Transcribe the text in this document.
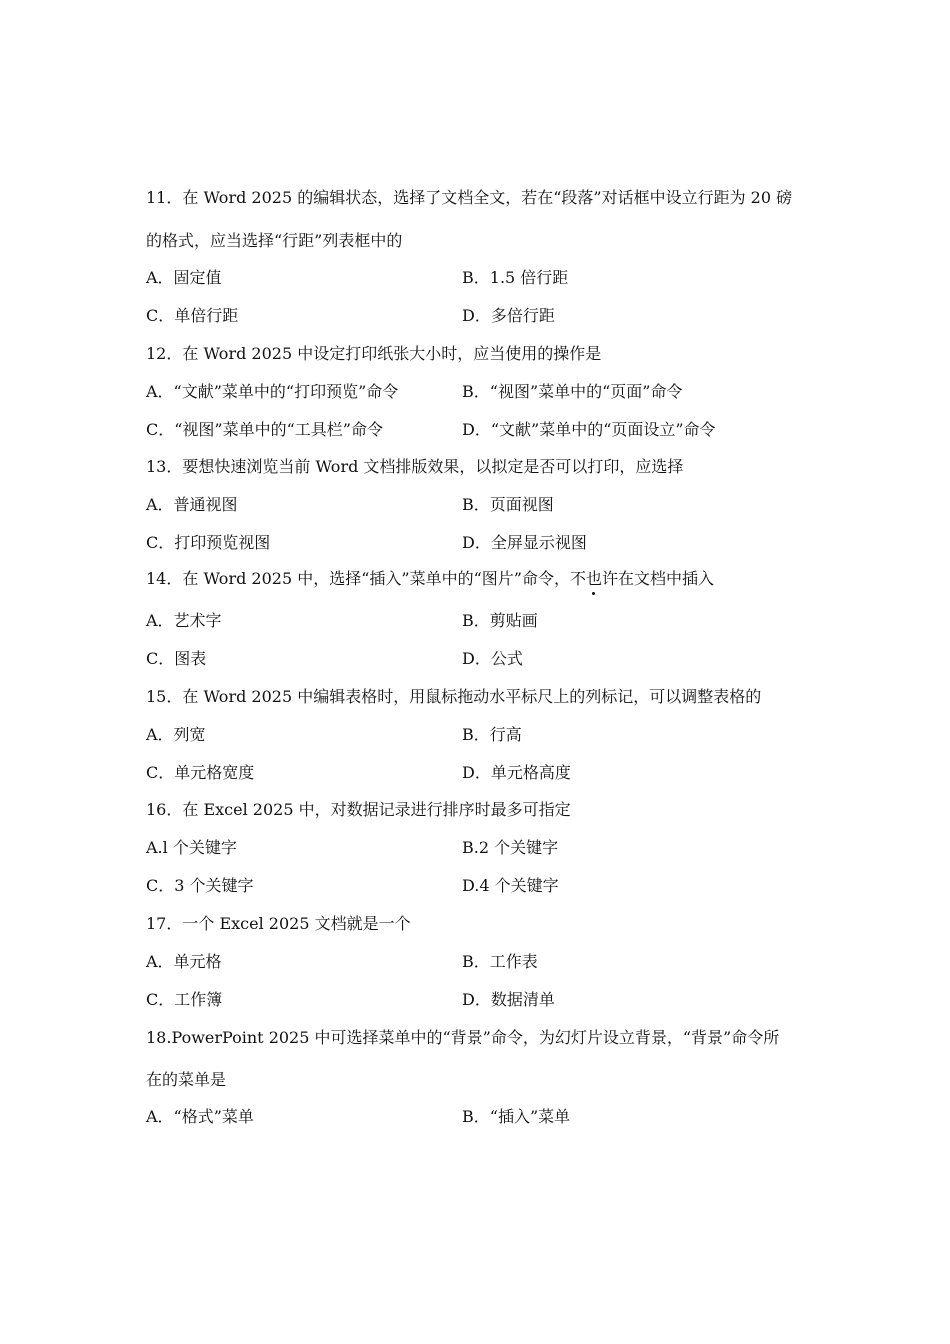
11．在 Word 2025 的编辑状态，选择了文档全文，若在“段落”对话框中设立行距为 20 磅
的格式，应当选择“行距”列表框中的
A．固定值	B．1.5 倍行距
C．单倍行距	D．多倍行距
12．在 Word 2025 中设定打印纸张大小时，应当使用的操作是
A．“文献”菜单中的“打印预览”命令	B．“视图”菜单中的“页面”命令
C．“视图”菜单中的“工具栏”命令	D．“文献”菜单中的“页面设立”命令
13．要想快速浏览当前 Word 文档排版效果，以拟定是否可以打印，应选择
A．普通视图	B．页面视图
C．打印预览视图	D．全屏显示视图
14．在 Word 2025 中，选择“插入”菜单中的“图片”命令，不也许在文档中插入
A．艺术字	B．剪贴画
C．图表	D．公式
15．在 Word 2025 中编辑表格时，用鼠标拖动水平标尺上的列标记，可以调整表格的
A．列宽	B．行高
C．单元格宽度	D．单元格高度
16．在 Excel 2025 中，对数据记录进行排序时最多可指定
A.l 个关键字	B.2 个关键字
C．3 个关键字	D.4 个关键字
17．一个 Excel 2025 文档就是一个
A．单元格	B．工作表
C．工作簿	D．数据清单
18.PowerPoint 2025 中可选择菜单中的“背景”命令，为幻灯片设立背景，“背景”命令所
在的菜单是
A．“格式”菜单	B．“插入”菜单
